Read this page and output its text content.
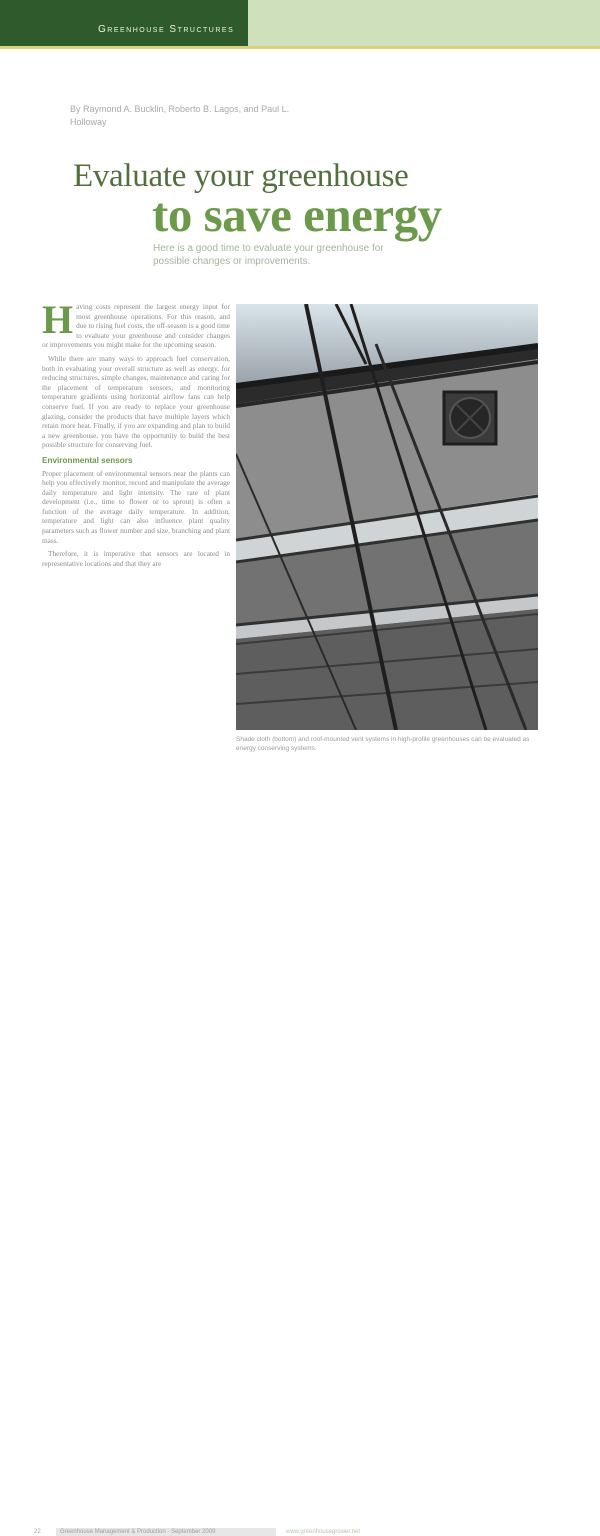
Greenhouse Structures
By Raymond A. Bucklin, Roberto B. Lagos, and Paul L. Holloway
Evaluate your greenhouse
to save energy
Here is a good time to evaluate your greenhouse for possible changes or improvements.

Having costs represent the largest energy input for most greenhouse operations. For this reason, and due to rising fuel costs, the off-season is a good time to evaluate your greenhouse and consider changes or improvements you might make for the upcoming season.

While there are many ways to approach fuel conservation, both in evaluating your overall structure as well as energy, for reducing structures, simple changes, maintenance and caring for the placement of temperature sensors, and monitoring temperature gradients using horizontal airflow fans can help conserve fuel. If you are ready to replace your greenhouse glazing, consider the products that have multiple layers which retain more heat. Finally, if you are expanding and plan to build a new greenhouse, you have the opportunity to build the best possible structure for conserving fuel.

Environmental sensors

Proper placement of environmental sensors near the plants can help you effectively monitor, record and manipulate the average daily temperature and light intensity. The rate of plant development (i.e., time to flower or to sprout) is often a function of the average daily temperature. In addition, temperature and light can also influence plant quality parameters such as flower number and size, branching and plant mass.

Therefore, it is imperative that sensors are located in representative locations and that they are

Shade cloth (bottom) and roof-mounted vent systems in high-profile greenhouses can be evaluated as energy conserving systems.
22	Greenhouse Management & Production · September 2009	www.greenhousegrower.net
